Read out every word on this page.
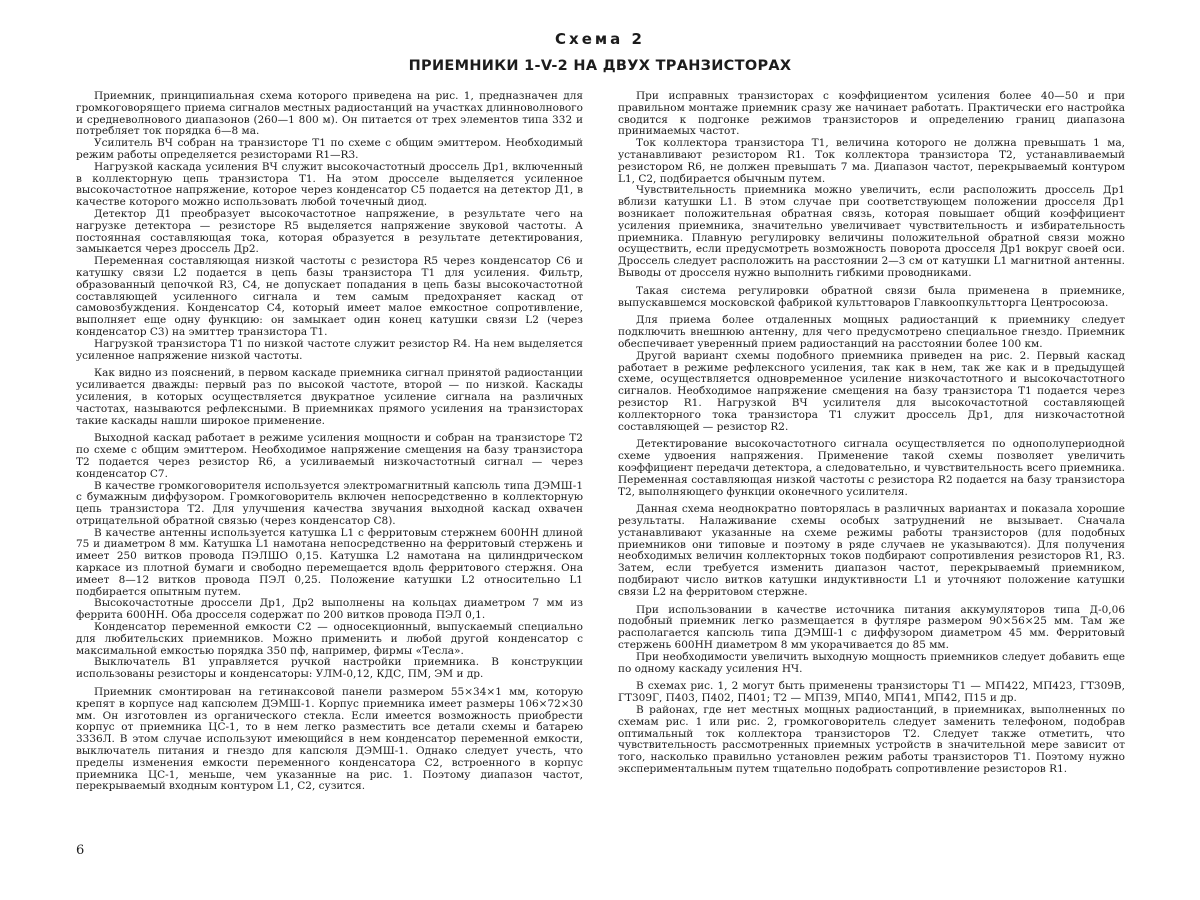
Схема 2
ПРИЕМНИКИ 1-V-2 НА ДВУХ ТРАНЗИСТОРАХ

Приемник, принципиальная схема которого приведена на рис. 1, предназначен для громкоговорящего приема сигналов местных радиостанций на участках длинноволнового и средневолнового диапазонов (260—1 800 м). Он питается от трех элементов типа 332 и потребляет ток порядка 6—8 ма.

Усилитель ВЧ собран на транзисторе Т1 по схеме с общим эмиттером. Необходимый режим работы определяется резисторами R1—R3.

Нагрузкой каскада усиления ВЧ служит высокочастотный дроссель Др1, включенный в коллекторную цепь транзистора Т1. На этом дросселе выделяется усиленное высокочастотное напряжение, которое через конденсатор С5 подается на детектор Д1, в качестве которого можно использовать любой точечный диод.

Детектор Д1 преобразует высокочастотное напряжение, в результате чего на нагрузке детектора — резисторе R5 выделяется напряжение звуковой частоты. А постоянная составляющая тока, которая образуется в результате детектирования, замыкается через дроссель Др2.

Переменная составляющая низкой частоты с резистора R5 через конденсатор С6 и катушку связи L2 подается в цепь базы транзистора Т1 для усиления. Фильтр, образованный цепочкой R3, С4, не допускает попадания в цепь базы высокочастотной составляющей усиленного сигнала и тем самым предохраняет каскад от самовозбуждения. Конденсатор С4, который имеет малое емкостное сопротивление, выполняет еще одну функцию: он замыкает один конец катушки связи L2 (через конденсатор С3) на эмиттер транзистора Т1.

Нагрузкой транзистора Т1 по низкой частоте служит резистор R4. На нем выделяется усиленное напряжение низкой частоты.

Как видно из пояснений, в первом каскаде приемника сигнал принятой радиостанции усиливается дважды: первый раз по высокой частоте, второй — по низкой. Каскады усиления, в которых осуществляется двукратное усиление сигнала на различных частотах, называются рефлексными. В приемниках прямого усиления на транзисторах такие каскады нашли широкое применение.

Выходной каскад работает в режиме усиления мощности и собран на транзисторе Т2 по схеме с общим эмиттером. Необходимое напряжение смещения на базу транзистора Т2 подается через резистор R6, а усиливаемый низкочастотный сигнал — через конденсатор С7.

В качестве громкоговорителя используется электромагнитный капсюль типа ДЭМШ-1 с бумажным диффузором. Громкоговоритель включен непосредственно в коллекторную цепь транзистора Т2. Для улучшения качества звучания выходной каскад охвачен отрицательной обратной связью (через конденсатор С8).

В качестве антенны используется катушка L1 с ферритовым стержнем 600НН длиной 75 и диаметром 8 мм. Катушка L1 намотана непосредственно на ферритовый стержень и имеет 250 витков провода ПЭЛШО 0,15. Катушка L2 намотана на цилиндрическом каркасе из плотной бумаги и свободно перемещается вдоль ферритового стержня. Она имеет 8—12 витков провода ПЭЛ 0,25. Положение катушки L2 относительно L1 подбирается опытным путем.

Высокочастотные дроссели Др1, Др2 выполнены на кольцах диаметром 7 мм из феррита 600НН. Оба дросселя содержат по 200 витков провода ПЭЛ 0,1.

Конденсатор переменной емкости С2 — односекционный, выпускаемый специально для любительских приемников. Можно применить и любой другой конденсатор с максимальной емкостью порядка 350 пф, например, фирмы «Тесла».

Выключатель В1 управляется ручкой настройки приемника. В конструкции использованы резисторы и конденсаторы: УЛМ-0,12, КДС, ПМ, ЭМ и др.

Приемник смонтирован на гетинаксовой панели размером 55×34×1 мм, которую крепят в корпусе над капсюлем ДЭМШ-1. Корпус приемника имеет размеры 106×72×30 мм. Он изготовлен из органического стекла. Если имеется возможность приобрести корпус от приемника ЦС-1, то в нем легко разместить все детали схемы и батарею 3336Л. В этом случае используют имеющийся в нем конденсатор переменной емкости, выключатель питания и гнездо для капсюля ДЭМШ-1. Однако следует учесть, что пределы изменения емкости переменного конденсатора С2, встроенного в корпус приемника ЦС-1, меньше, чем указанные на рис. 1. Поэтому диапазон частот, перекрываемый входным контуром L1, С2, сузится.

При исправных транзисторах с коэффициентом усиления более 40—50 и при правильном монтаже приемник сразу же начинает работать. Практически его настройка сводится к подгонке режимов транзисторов и определению границ диапазона принимаемых частот.

Ток коллектора транзистора Т1, величина которого не должна превышать 1 ма, устанавливают резистором R1. Ток коллектора транзистора Т2, устанавливаемый резистором R6, не должен превышать 7 ма. Диапазон частот, перекрываемый контуром L1, С2, подбирается обычным путем.

Чувствительность приемника можно увеличить, если расположить дроссель Др1 вблизи катушки L1. В этом случае при соответствующем положении дросселя Др1 возникает положительная обратная связь, которая повышает общий коэффициент усиления приемника, значительно увеличивает чувствительность и избирательность приемника. Плавную регулировку величины положительной обратной связи можно осуществить, если предусмотреть возможность поворота дросселя Др1 вокруг своей оси. Дроссель следует расположить на расстоянии 2—3 см от катушки L1 магнитной антенны. Выводы от дросселя нужно выполнить гибкими проводниками.

Такая система регулировки обратной связи была применена в приемнике, выпускавшемся московской фабрикой культтоваров Главкоопкультторга Центросоюза.

Для приема более отдаленных мощных радиостанций к приемнику следует подключить внешнюю антенну, для чего предусмотрено специальное гнездо. Приемник обеспечивает уверенный прием радиостанций на расстоянии более 100 км.

Другой вариант схемы подобного приемника приведен на рис. 2. Первый каскад работает в режиме рефлексного усиления, так как в нем, так же как и в предыдущей схеме, осуществляется одновременное усиление низкочастотного и высокочастотного сигналов. Необходимое напряжение смещения на базу транзистора Т1 подается через резистор R1. Нагрузкой ВЧ усилителя для высокочастотной составляющей коллекторного тока транзистора Т1 служит дроссель Др1, для низкочастотной составляющей — резистор R2.

Детектирование высокочастотного сигнала осуществляется по однополупериодной схеме удвоения напряжения. Применение такой схемы позволяет увеличить коэффициент передачи детектора, а следовательно, и чувствительность всего приемника. Переменная составляющая низкой частоты с резистора R2 подается на базу транзистора Т2, выполняющего функции оконечного усилителя.

Данная схема неоднократно повторялась в различных вариантах и показала хорошие результаты. Налаживание схемы особых затруднений не вызывает. Сначала устанавливают указанные на схеме режимы работы транзисторов (для подобных приемников они типовые и поэтому в ряде случаев не указываются). Для получения необходимых величин коллекторных токов подбирают сопротивления резисторов R1, R3. Затем, если требуется изменить диапазон частот, перекрываемый приемником, подбирают число витков катушки индуктивности L1 и уточняют положение катушки связи L2 на ферритовом стержне.

При использовании в качестве источника питания аккумуляторов типа Д-0,06 подобный приемник легко размещается в футляре размером 90×56×25 мм. Там же располагается капсюль типа ДЭМШ-1 с диффузором диаметром 45 мм. Ферритовый стержень 600НН диаметром 8 мм укорачивается до 85 мм.

При необходимости увеличить выходную мощность приемников следует добавить еще по одному каскаду усиления НЧ.

В схемах рис. 1, 2 могут быть применены транзисторы Т1 — МП422, МП423, ГТ309В, ГТ309Г, П403, П402, П401; Т2 — МП39, МП40, МП41, МП42, П15 и др.

В районах, где нет местных мощных радиостанций, в приемниках, выполненных по схемам рис. 1 или рис. 2, громкоговоритель следует заменить телефоном, подобрав оптимальный ток коллектора транзисторов Т2. Следует также отметить, что чувствительность рассмотренных приемных устройств в значительной мере зависит от того, насколько правильно установлен режим работы транзисторов Т1. Поэтому нужно экспериментальным путем тщательно подобрать сопротивление резисторов R1.

6
